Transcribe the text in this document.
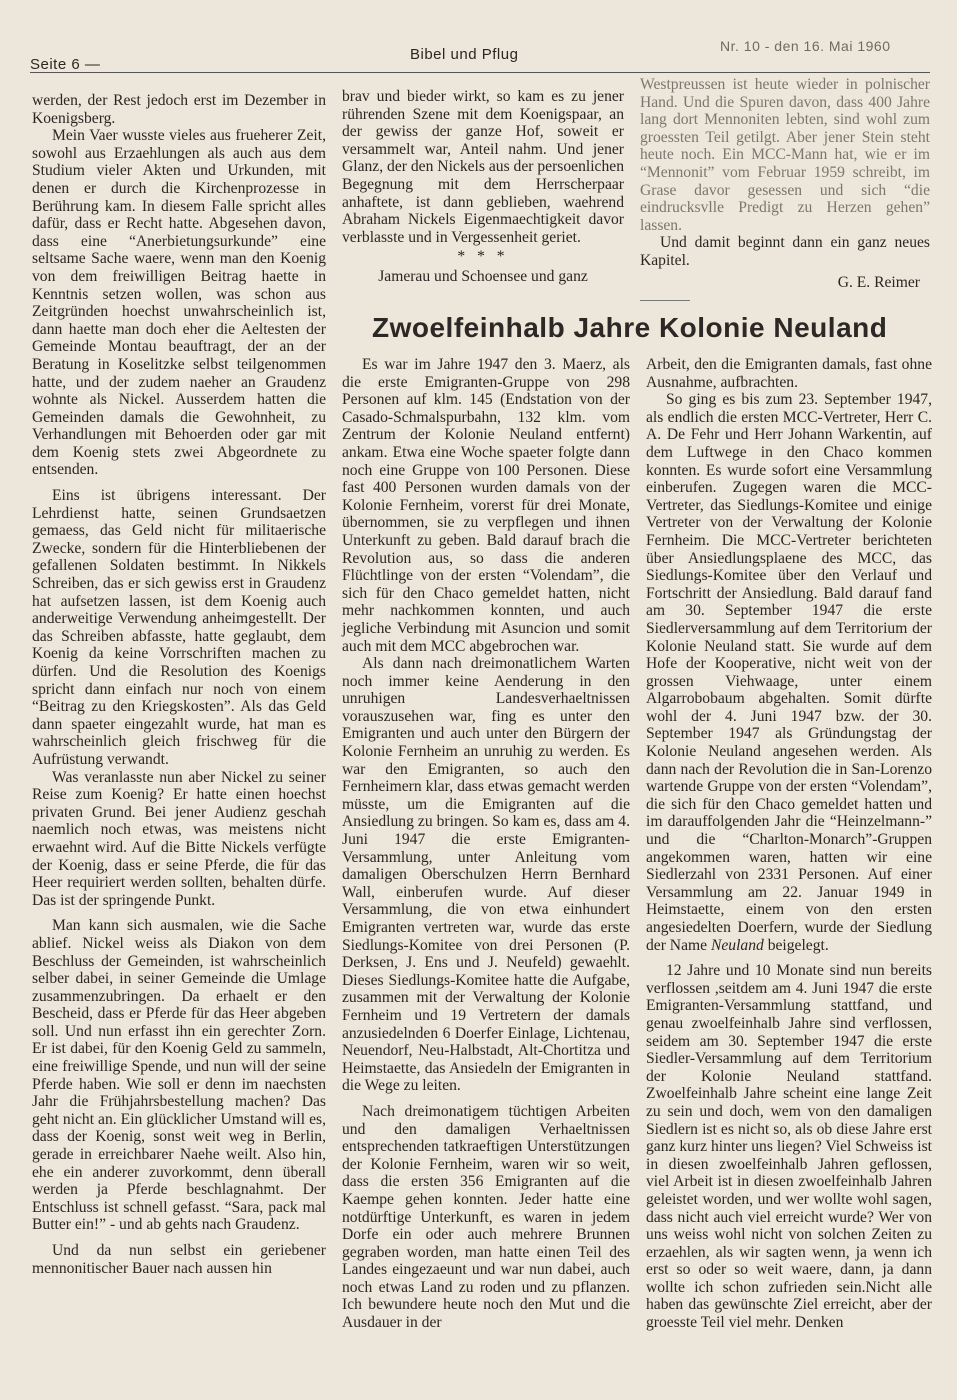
Seite 6 —
Bibel und Pflug	Nr. 10 - den 16. Mai 1960

werden, der Rest jedoch erst im Dezember in Koenigsberg.

Mein Vaer wusste vieles aus frueherer Zeit, sowohl aus Erzaehlungen als auch aus dem Studium vieler Akten und Urkunden, mit denen er durch die Kirchenprozesse in Berührung kam. In diesem Falle spricht alles dafür, dass er Recht hatte. Abgesehen davon, dass eine “Anerbietungsurkunde” eine seltsame Sache waere, wenn man den Koenig von dem freiwilligen Beitrag haette in Kenntnis setzen wollen, was schon aus Zeitgründen hoechst unwahrscheinlich ist, dann haette man doch eher die Aeltesten der Gemeinde Montau beauftragt, der an der Beratung in Koselitzke selbst teilgenommen hatte, und der zudem naeher an Graudenz wohnte als Nickel. Ausserdem hatten die Gemeinden damals die Gewohnheit, zu Verhandlungen mit Behoerden oder gar mit dem Koenig stets zwei Abgeordnete zu entsenden.

Eins ist übrigens interessant. Der Lehrdienst hatte, seinen Grundsaetzen gemaess, das Geld nicht für militaerische Zwecke, sondern für die Hinterbliebenen der gefallenen Soldaten bestimmt. In Nikkels Schreiben, das er sich gewiss erst in Graudenz hat aufsetzen lassen, ist dem Koenig auch anderweitige Verwendung anheimgestellt. Der das Schreiben abfasste, hatte geglaubt, dem Koenig da keine Vorrschriften machen zu dürfen. Und die Resolution des Koenigs spricht dann einfach nur noch von einem “Beitrag zu den Kriegskosten”. Als das Geld dann spaeter eingezahlt wurde, hat man es wahrscheinlich gleich frischweg für die Aufrüstung verwandt.

Was veranlasste nun aber Nickel zu seiner Reise zum Koenig? Er hatte einen hoechst privaten Grund. Bei jener Audienz geschah naemlich noch etwas, was meistens nicht erwaehnt wird. Auf die Bitte Nickels verfügte der Koenig, dass er seine Pferde, die für das Heer requiriert werden sollten, behalten dürfe. Das ist der springende Punkt.

Man kann sich ausmalen, wie die Sache ablief. Nickel weiss als Diakon von dem Beschluss der Gemeinden, ist wahrscheinlich selber dabei, in seiner Gemeinde die Umlage zusammenzubringen. Da erhaelt er den Bescheid, dass er Pferde für das Heer abgeben soll. Und nun erfasst ihn ein gerechter Zorn. Er ist dabei, für den Koenig Geld zu sammeln, eine freiwillige Spende, und nun will der seine Pferde haben. Wie soll er denn im naechsten Jahr die Frühjahrsbestellung machen? Das geht nicht an. Ein glücklicher Umstand will es, dass der Koenig, sonst weit weg in Berlin, gerade in erreichbarer Naehe weilt. Also hin, ehe ein anderer zuvorkommt, denn überall werden ja Pferde beschlagnahmt. Der Entschluss ist schnell gefasst. “Sara, pack mal Butter ein!” - und ab gehts nach Graudenz.

Und da nun selbst ein geriebener mennonitischer Bauer nach aussen hin

brav und bieder wirkt, so kam es zu jener rührenden Szene mit dem Koenigspaar, an der gewiss der ganze Hof, soweit er versammelt war, Anteil nahm. Und jener Glanz, der den Nickels aus der persoenlichen Begegnung mit dem Herrscherpaar anhaftete, ist dann geblieben, waehrend Abraham Nickels Eigenmaechtigkeit davor verblasste und in Vergessenheit geriet.

* * *

Jamerau und Schoensee und ganz

Westpreussen ist heute wieder in polnischer Hand. Und die Spuren davon, dass 400 Jahre lang dort Mennoniten lebten, sind wohl zum groessten Teil getilgt. Aber jener Stein steht heute noch. Ein MCC-Mann hat, wie er im “Mennonit” vom Februar 1959 schreibt, im Grase davor gesessen und sich “die eindrucksvlle Predigt zu Herzen gehen” lassen.

Und damit beginnt dann ein ganz neues Kapitel.

G. E. Reimer
Zwoelfeinhalb Jahre Kolonie Neuland

Es war im Jahre 1947 den 3. Maerz, als die erste Emigranten-Gruppe von 298 Personen auf klm. 145 (Endstation von der Casado-Schmalspurbahn, 132 klm. vom Zentrum der Kolonie Neuland entfernt) ankam. Etwa eine Woche spaeter folgte dann noch eine Gruppe von 100 Personen. Diese fast 400 Personen wurden damals von der Kolonie Fernheim, vorerst für drei Monate, übernommen, sie zu verpflegen und ihnen Unterkunft zu geben. Bald darauf brach die Revolution aus, so dass die anderen Flüchtlinge von der ersten “Volendam”, die sich für den Chaco gemeldet hatten, nicht mehr nachkommen konnten, und auch jegliche Verbindung mit Asuncion und somit auch mit dem MCC abgebrochen war.

Als dann nach dreimonatlichem Warten noch immer keine Aenderung in den unruhigen Landesverhaeltnissen vorauszusehen war, fing es unter den Emigranten und auch unter den Bürgern der Kolonie Fernheim an unruhig zu werden. Es war den Emigranten, so auch den Fernheimern klar, dass etwas gemacht werden müsste, um die Emigranten auf die Ansiedlung zu bringen. So kam es, dass am 4. Juni 1947 die erste Emigranten-Versammlung, unter Anleitung vom damaligen Oberschulzen Herrn Bernhard Wall, einberufen wurde. Auf dieser Versammlung, die von etwa einhundert Emigranten vertreten war, wurde das erste Siedlungs-Komitee von drei Personen (P. Derksen, J. Ens und J. Neufeld) gewaehlt. Dieses Siedlungs-Komitee hatte die Aufgabe, zusammen mit der Verwaltung der Kolonie Fernheim und 19 Vertretern der damals anzusiedelnden 6 Doerfer Einlage, Lichtenau, Neuendorf, Neu-Halbstadt, Alt-Chortitza und Heimstaette, das Ansiedeln der Emigranten in die Wege zu leiten.

Nach dreimonatigem tüchtigen Arbeiten und den damaligen Verhaeltnissen entsprechenden tatkraeftigen Unterstützungen der Kolonie Fernheim, waren wir so weit, dass die ersten 356 Emigranten auf die Kaempe gehen konnten. Jeder hatte eine notdürftige Unterkunft, es waren in jedem Dorfe ein oder auch mehrere Brunnen gegraben worden, man hatte einen Teil des Landes eingezaeunt und war nun dabei, auch noch etwas Land zu roden und zu pflanzen. Ich bewundere heute noch den Mut und die Ausdauer in der

Arbeit, den die Emigranten damals, fast ohne Ausnahme, aufbrachten.

So ging es bis zum 23. September 1947, als endlich die ersten MCC-Vertreter, Herr C. A. De Fehr und Herr Johann Warkentin, auf dem Luftwege in den Chaco kommen konnten. Es wurde sofort eine Versammlung einberufen. Zugegen waren die MCC-Vertreter, das Siedlungs-Komitee und einige Vertreter von der Verwaltung der Kolonie Fernheim. Die MCC-Vertreter berichteten über Ansiedlungsplaene des MCC, das Siedlungs-Komitee über den Verlauf und Fortschritt der Ansiedlung. Bald darauf fand am 30. September 1947 die erste Siedlerversammlung auf dem Territorium der Kolonie Neuland statt. Sie wurde auf dem Hofe der Kooperative, nicht weit von der grossen Viehwaage, unter einem Algarrobobaum abgehalten. Somit dürfte wohl der 4. Juni 1947 bzw. der 30. September 1947 als Gründungstag der Kolonie Neuland angesehen werden. Als dann nach der Revolution die in San-Lorenzo wartende Gruppe von der ersten “Volendam”, die sich für den Chaco gemeldet hatten und im darauffolgenden Jahr die “Heinzelmann-” und die “Charlton-Monarch”-Gruppen angekommen waren, hatten wir eine Siedlerzahl von 2331 Personen. Auf einer Versammlung am 22. Januar 1949 in Heimstaette, einem von den ersten angesiedelten Doerfern, wurde der Siedlung der Name Neuland beigelegt.

12 Jahre und 10 Monate sind nun bereits verflossen ,seitdem am 4. Juni 1947 die erste Emigranten-Versammlung stattfand, und genau zwoelfeinhalb Jahre sind verflossen, seidem am 30. September 1947 die erste Siedler-Versammlung auf dem Territorium der Kolonie Neuland stattfand. Zwoelfeinhalb Jahre scheint eine lange Zeit zu sein und doch, wem von den damaligen Siedlern ist es nicht so, als ob diese Jahre erst ganz kurz hinter uns liegen? Viel Schweiss ist in diesen zwoelfeinhalb Jahren geflossen, viel Arbeit ist in diesen zwoelfeinhalb Jahren geleistet worden, und wer wollte wohl sagen, dass nicht auch viel erreicht wurde? Wer von uns weiss wohl nicht von solchen Zeiten zu erzaehlen, als wir sagten wenn, ja wenn ich erst so oder so weit waere, dann, ja dann wollte ich schon zufrieden sein.Nicht alle haben das gewünschte Ziel erreicht, aber der groesste Teil viel mehr. Denken
